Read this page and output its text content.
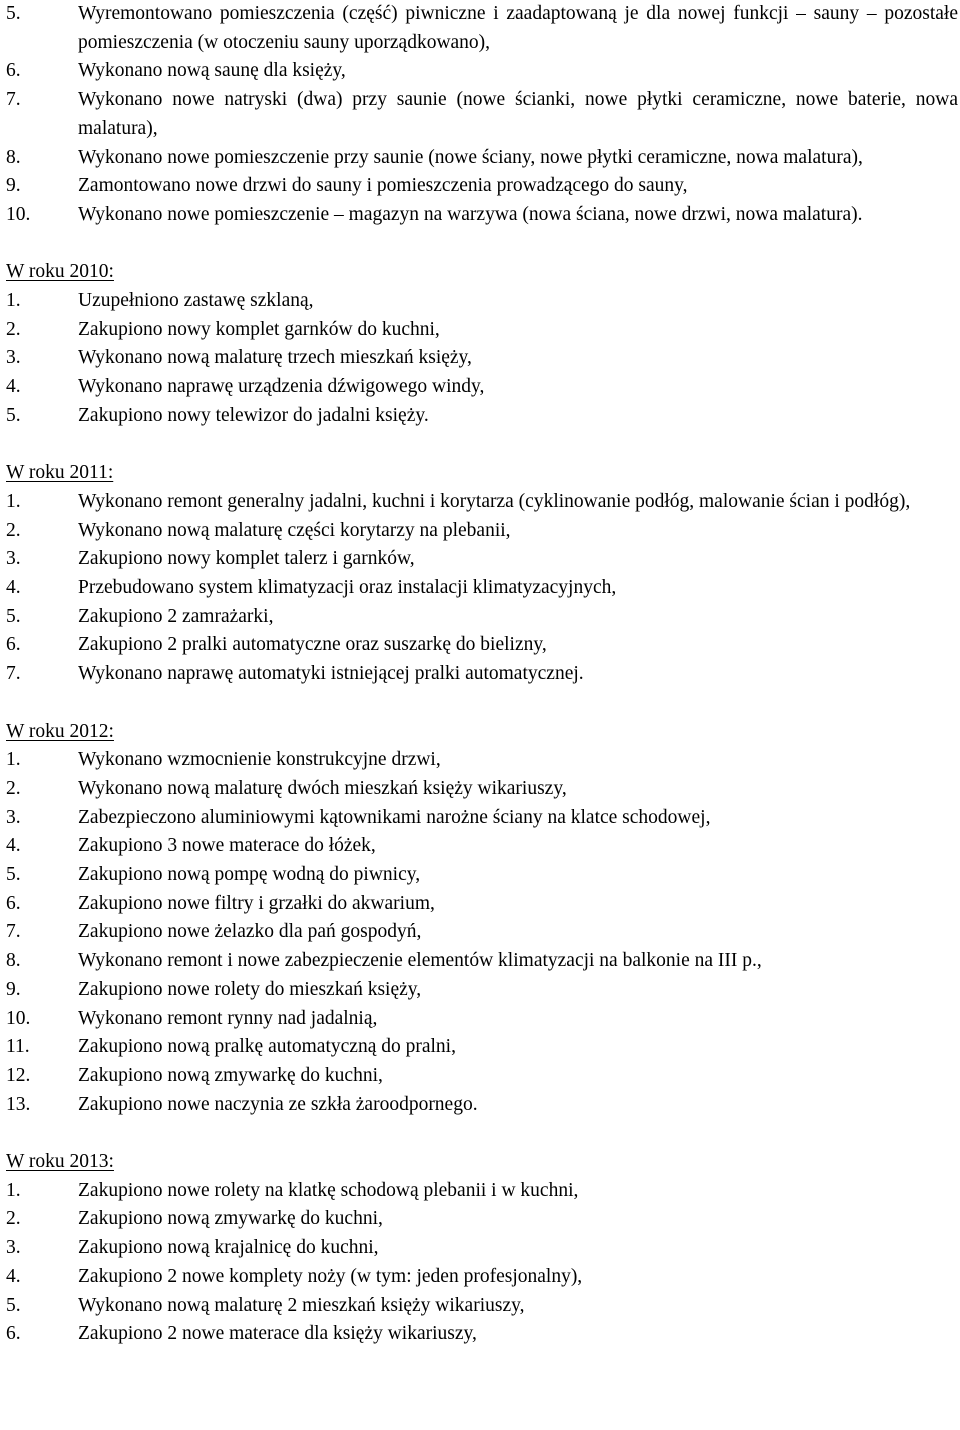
5.	Wyremontowano pomieszczenia (część) piwniczne i zaadaptowaną je dla nowej funkcji – sauny – pozostałe pomieszczenia (w otoczeniu sauny uporządkowano),
6.	Wykonano nową saunę dla księży,
7.	Wykonano nowe natryski (dwa) przy saunie (nowe ścianki, nowe płytki ceramiczne, nowe baterie, nowa malatura),
8.	Wykonano nowe pomieszczenie przy saunie (nowe ściany, nowe płytki ceramiczne, nowa malatura),
9.	Zamontowano nowe drzwi do sauny i pomieszczenia prowadzącego do sauny,
10.	Wykonano nowe pomieszczenie – magazyn na warzywa (nowa ściana, nowe drzwi, nowa malatura).
W roku 2010:
1.	Uzupełniono zastawę szklaną,
2.	Zakupiono nowy komplet garnków do kuchni,
3.	Wykonano nową malaturę trzech mieszkań księży,
4.	Wykonano naprawę urządzenia dźwigowego windy,
5.	Zakupiono nowy telewizor do jadalni księży.
W roku 2011:
1.	Wykonano remont generalny jadalni, kuchni i korytarza (cyklinowanie podłóg, malowanie ścian i podłóg),
2.	Wykonano nową malaturę części korytarzy na plebanii,
3.	Zakupiono nowy komplet talerz i garnków,
4.	Przebudowano system klimatyzacji oraz instalacji klimatyzacyjnych,
5.	Zakupiono 2 zamrażarki,
6.	Zakupiono 2 pralki automatyczne oraz suszarkę do bielizny,
7.	Wykonano naprawę automatyki istniejącej pralki automatycznej.
W roku 2012:
1.	Wykonano wzmocnienie konstrukcyjne drzwi,
2.	Wykonano nową malaturę dwóch mieszkań księży wikariuszy,
3.	Zabezpieczono aluminiowymi kątownikami narożne ściany na klatce schodowej,
4.	Zakupiono 3 nowe materace do łóżek,
5.	Zakupiono nową pompę wodną do piwnicy,
6.	Zakupiono nowe filtry i grzałki do akwarium,
7.	Zakupiono nowe żelazko dla pań gospodyń,
8.	Wykonano remont i nowe zabezpieczenie elementów klimatyzacji na balkonie na III p.,
9.	Zakupiono nowe rolety do mieszkań księży,
10.	Wykonano remont rynny nad jadalnią,
11.	Zakupiono nową pralkę automatyczną do pralni,
12.	Zakupiono nową zmywarkę do kuchni,
13.	Zakupiono nowe naczynia ze szkła żaroodpornego.
W roku 2013:
1.	Zakupiono nowe rolety na klatkę schodową plebanii i w kuchni,
2.	Zakupiono nową zmywarkę do kuchni,
3.	Zakupiono nową krajalnicę do kuchni,
4.	Zakupiono 2 nowe komplety noży (w tym: jeden profesjonalny),
5.	Wykonano nową malaturę 2 mieszkań księży wikariuszy,
6.	Zakupiono 2 nowe materace dla księży wikariuszy,
